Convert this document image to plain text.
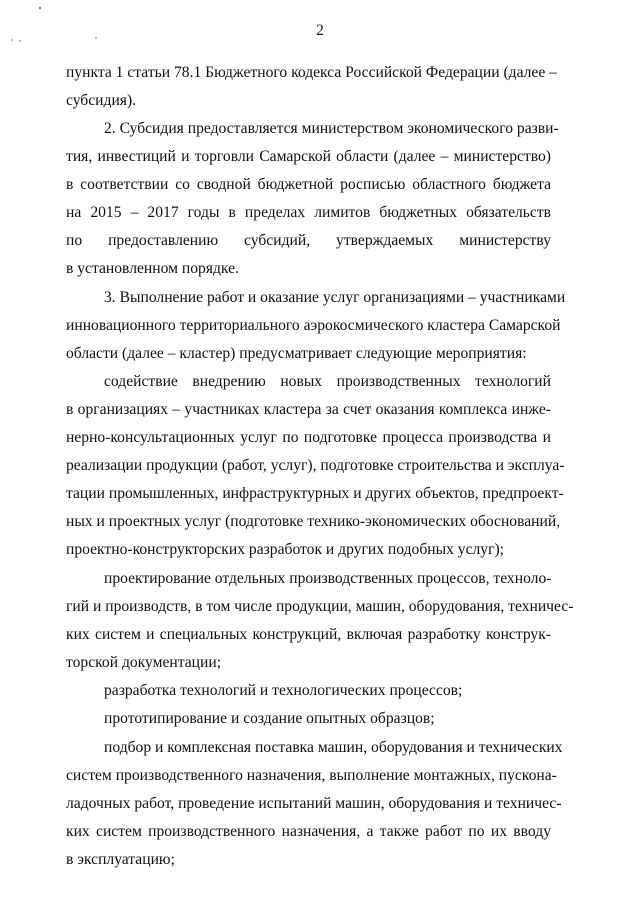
2
пункта 1 статьи 78.1 Бюджетного кодекса Российской Федерации (далее –
субсидия).
2. Субсидия предоставляется министерством экономического разви-
тия, инвестиций и торговли Самарской области (далее – министерство)
в соответствии со сводной бюджетной росписью областного бюджета
на 2015 – 2017 годы в пределах лимитов бюджетных обязательств
по предоставлению субсидий, утверждаемых министерству
в установленном порядке.
3. Выполнение работ и оказание услуг организациями – участниками
инновационного территориального аэрокосмического кластера Самарской
области (далее – кластер) предусматривает следующие мероприятия:
содействие внедрению новых производственных технологий
в организациях – участниках кластера за счет оказания комплекса инже-
нерно-консультационных услуг по подготовке процесса производства и
реализации продукции (работ, услуг), подготовке строительства и эксплуа-
тации промышленных, инфраструктурных и других объектов, предпроект-
ных и проектных услуг (подготовке технико-экономических обоснований,
проектно-конструкторских разработок и других подобных услуг);
проектирование отдельных производственных процессов, техноло-
гий и производств, в том числе продукции, машин, оборудования, техничес-
ких систем и специальных конструкций, включая разработку конструк-
торской документации;
разработка технологий и технологических процессов;
прототипирование и создание опытных образцов;
подбор и комплексная поставка машин, оборудования и технических
систем производственного назначения, выполнение монтажных, пускона-
ладочных работ, проведение испытаний машин, оборудования и техничес-
ких систем производственного назначения, а также работ по их вводу
в эксплуатацию;
